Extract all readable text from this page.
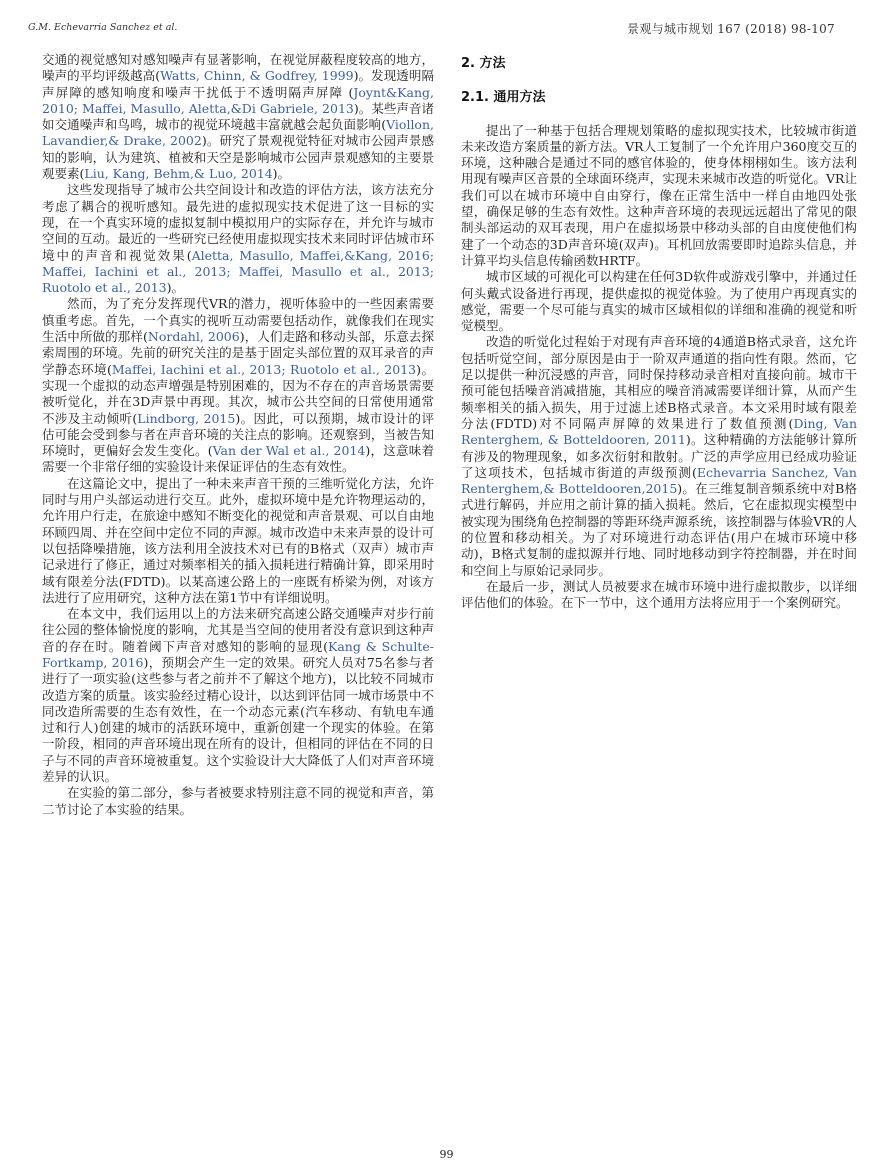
G.M. Echevarria Sanchez et al.	景观与城市规划 167 (2018) 98-107

交通的视觉感知对感知噪声有显著影响，在视觉屏蔽程度较高的地方，噪声的平均评级越高(Watts, Chinn, & Godfrey, 1999)。发现透明隔声屏障的感知响度和噪声干扰低于不透明隔声屏障 (Joynt&Kang, 2010; Maffei, Masullo, Aletta,&Di Gabriele, 2013)。某些声音诸如交通噪声和鸟鸣，城市的视觉环境越丰富就越会起负面影响(Viollon, Lavandier,& Drake, 2002)。研究了景观视觉特征对城市公园声景感知的影响，认为建筑、植被和天空是影响城市公园声景观感知的主要景观要素(Liu, Kang, Behm,& Luo, 2014)。

这些发现指导了城市公共空间设计和改造的评估方法，该方法充分考虑了耦合的视听感知。最先进的虚拟现实技术促进了这一目标的实现，在一个真实环境的虚拟复制中模拟用户的实际存在，并允许与城市空间的互动。最近的一些研究已经使用虚拟现实技术来同时评估城市环境中的声音和视觉效果(Aletta, Masullo, Maffei,&Kang, 2016; Maffei, Iachini et al., 2013; Maffei, Masullo et al., 2013; Ruotolo et al., 2013)。

然而，为了充分发挥现代VR的潜力，视听体验中的一些因素需要慎重考虑。首先，一个真实的视听互动需要包括动作，就像我们在现实生活中所做的那样(Nordahl, 2006)，人们走路和移动头部，乐意去探索周围的环境。先前的研究关注的是基于固定头部位置的双耳录音的声学静态环境(Maffei, Iachini et al., 2013; Ruotolo et al., 2013)。实现一个虚拟的动态声增强是特别困难的，因为不存在的声音场景需要被听觉化，并在3D声景中再现。其次，城市公共空间的日常使用通常不涉及主动倾听(Lindborg, 2015)。因此，可以预期，城市设计的评估可能会受到参与者在声音环境的关注点的影响。还观察到，当被告知环境时，更偏好会发生变化。(Van der Wal et al., 2014)，这意味着需要一个非常仔细的实验设计来保证评估的生态有效性。

在这篇论文中，提出了一种未来声音干预的三维听觉化方法，允许同时与用户头部运动进行交互。此外，虚拟环境中是允许物理运动的，允许用户行走，在旅途中感知不断变化的视觉和声音景观、可以自由地环顾四周、并在空间中定位不同的声源。城市改造中未来声景的设计可以包括降噪措施，该方法利用全波技术对已有的B格式（双声）城市声记录进行了修正，通过对频率相关的插入损耗进行精确计算，即采用时域有限差分法(FDTD)。以某高速公路上的一座既有桥梁为例，对该方法进行了应用研究，这种方法在第1节中有详细说明。

在本文中，我们运用以上的方法来研究高速公路交通噪声对步行前往公园的整体愉悦度的影响，尤其是当空间的使用者没有意识到这种声音的存在时。随着阈下声音对感知的影响的显现(Kang & Schulte-Fortkamp, 2016)，预期会产生一定的效果。研究人员对75名参与者进行了一项实验(这些参与者之前并不了解这个地方)，以比较不同城市改造方案的质量。该实验经过精心设计，以达到评估同一城市场景中不同改造所需要的生态有效性，在一个动态元素(汽车移动、有轨电车通过和行人)创建的城市的活跃环境中，重新创建一个现实的体验。在第一阶段，相同的声音环境出现在所有的设计，但相同的评估在不同的日子与不同的声音环境被重复。这个实验设计大大降低了人们对声音环境差异的认识。

在实验的第二部分，参与者被要求特别注意不同的视觉和声音，第二节讨论了本实验的结果。

2. 方法
2.1. 通用方法

提出了一种基于包括合理规划策略的虚拟现实技术，比较城市街道未来改造方案质量的新方法。VR人工复制了一个允许用户360度交互的环境，这种融合是通过不同的感官体验的，使身体栩栩如生。该方法利用现有噪声区音景的全球面环绕声，实现未来城市改造的听觉化。VR让我们可以在城市环境中自由穿行，像在正常生活中一样自由地四处张望，确保足够的生态有效性。这种声音环境的表现远远超出了常见的限制头部运动的双耳表现，用户在虚拟场景中移动头部的自由度使他们构建了一个动态的3D声音环境(双声)。耳机回放需要即时追踪头信息，并计算平均头信息传输函数HRTF。

城市区域的可视化可以构建在任何3D软件或游戏引擎中，并通过任何头戴式设备进行再现，提供虚拟的视觉体验。为了使用户再现真实的感觉，需要一个尽可能与真实的城市区域相似的详细和准确的视觉和听觉模型。

改造的听觉化过程始于对现有声音环境的4通道B格式录音，这允许包括听觉空间，部分原因是由于一阶双声通道的指向性有限。然而，它足以提供一种沉浸感的声音，同时保持移动录音相对直接向前。城市干预可能包括噪音消减措施，其相应的噪音消减需要详细计算，从而产生频率相关的插入损失，用于过滤上述B格式录音。本文采用时域有限差分法(FDTD)对不同隔声屏障的效果进行了数值预测(Ding, Van Renterghem, & Botteldooren, 2011)。这种精确的方法能够计算所有涉及的物理现象，如多次衍射和散射。广泛的声学应用已经成功验证了这项技术，包括城市街道的声级预测(Echevarria Sanchez, Van Renterghem,& Botteldooren,2015)。在三维复制音频系统中对B格式进行解码，并应用之前计算的插入损耗。然后，它在虚拟现实模型中被实现为围绕角色控制器的等距环绕声源系统，该控制器与体验VR的人的位置和移动相关。为了对环境进行动态评估(用户在城市环境中移动)，B格式复制的虚拟源并行地、同时地移动到字符控制器，并在时间和空间上与原始记录同步。

在最后一步，测试人员被要求在城市环境中进行虚拟散步，以详细评估他们的体验。在下一节中，这个通用方法将应用于一个案例研究。

99
